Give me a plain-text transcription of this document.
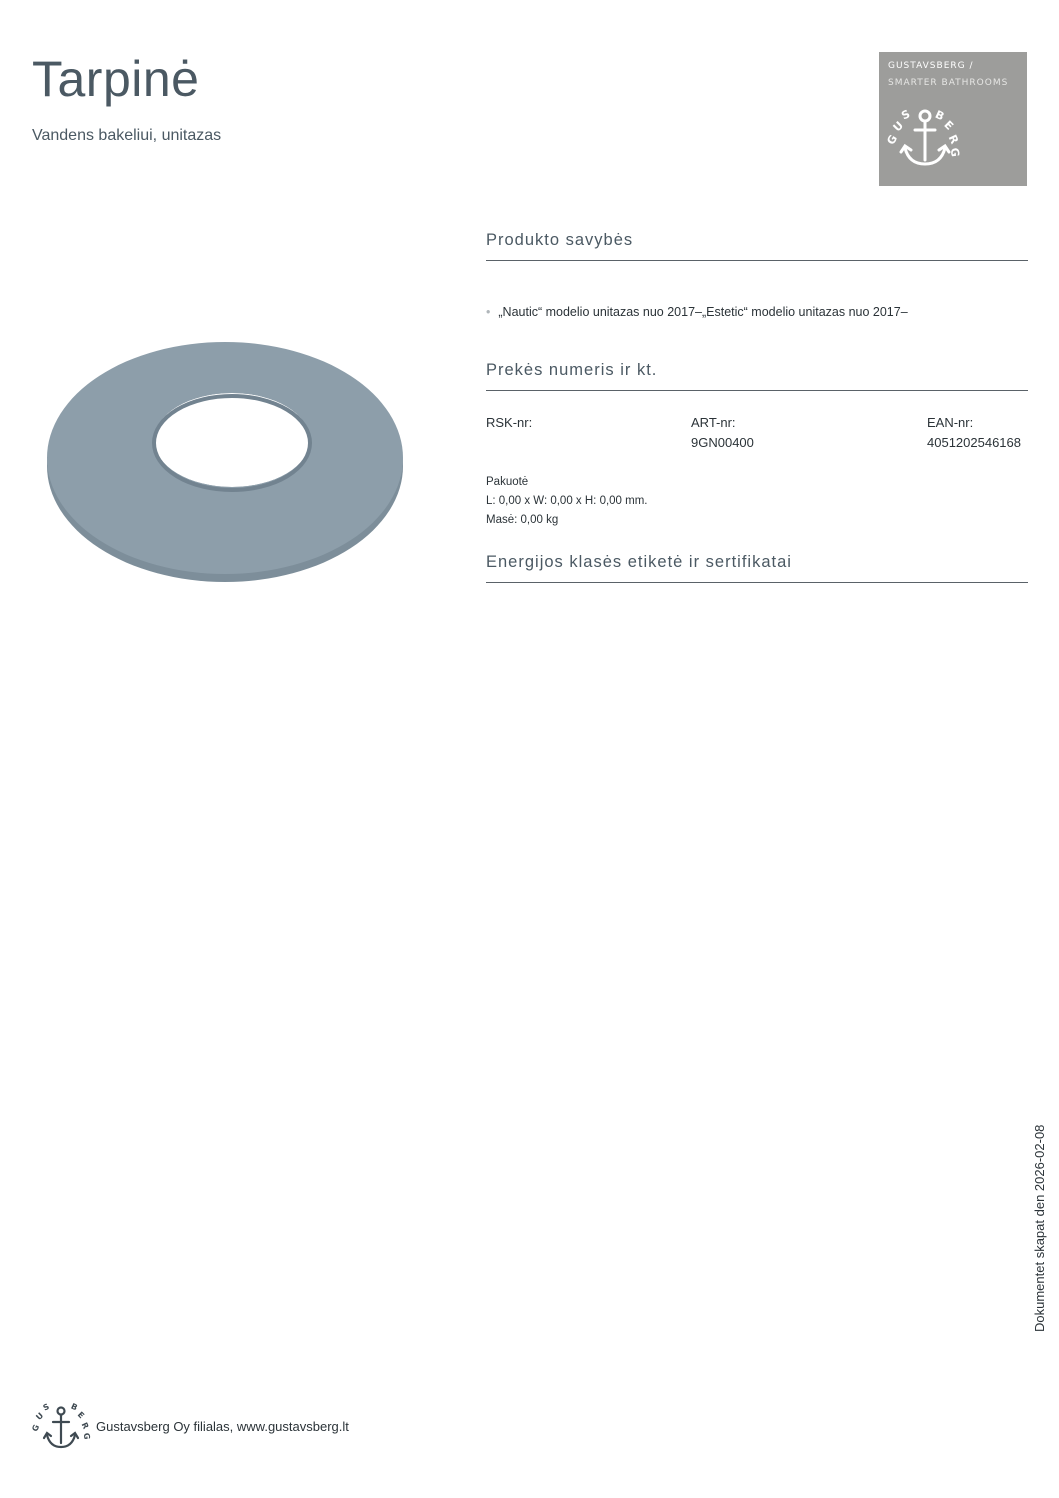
Tarpinė

Vandens bakeliui, unitazas

GUSTAVSBERG /
SMARTER BATHROOMS
G
U
S B
E
R
G
Produkto savybės
• „Nautic“ modelio unitazas nuo 2017–„Estetic“ modelio unitazas nuo 2017–
Prekės numeris ir kt.
RSK-nr:	ART-nr:
9GN00400
EAN-nr:
4051202546168
Pakuotė
L: 0,00 x W: 0,00 x H: 0,00 mm.
Masė: 0,00 kg
Energijos klasės etiketė ir sertifikatai
Dokumentet skapat den 2026-02-08
G
U
S B
E
R
G
Gustavsberg Oy filialas, www.gustavsberg.lt
